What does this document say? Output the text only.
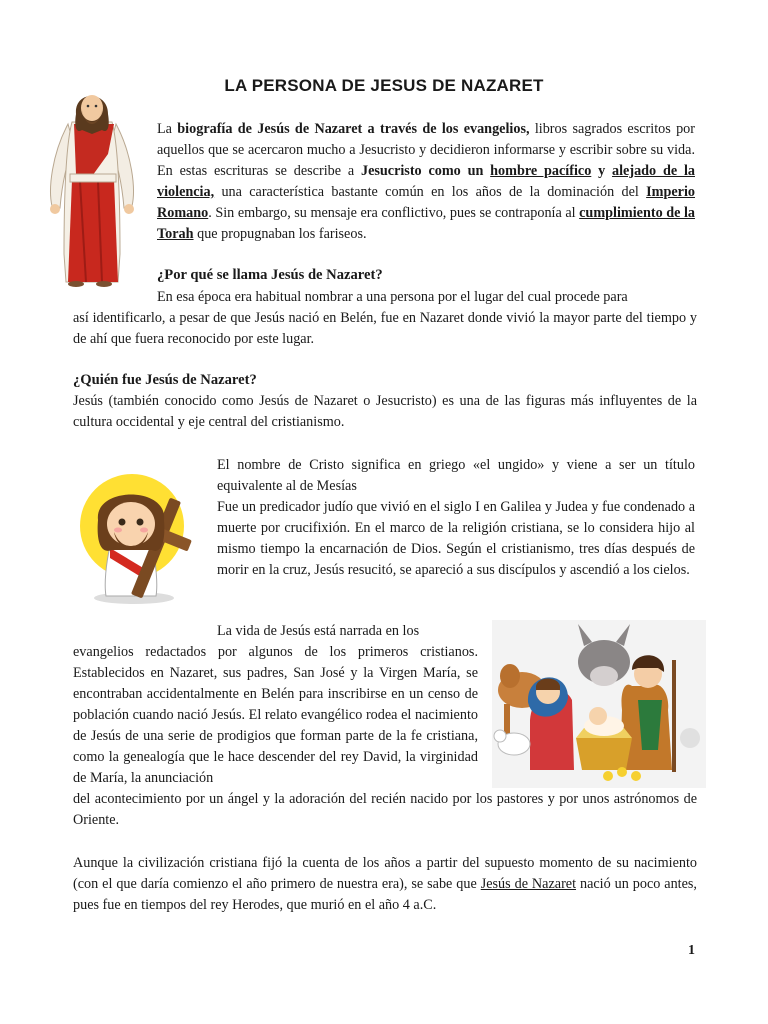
LA PERSONA DE JESUS DE NAZARET

La biografía de Jesús de Nazaret a través de los evangelios, libros sagrados escritos por aquellos que se acercaron mucho a Jesucristo y decidieron informarse y escribir sobre su vida. En estas escrituras se describe a Jesucristo como un hombre pacífico y alejado de la violencia, una característica bastante común en los años de la dominación del Imperio Romano. Sin embargo, su mensaje era conflictivo, pues se contraponía al cumplimiento de la Torah que propugnaban los fariseos.

¿Por qué se llama Jesús de Nazaret?

En esa época era habitual nombrar a una persona por el lugar del cual procede para

así identificarlo, a pesar de que Jesús nació en Belén, fue en Nazaret donde vivió la mayor parte del tiempo y de ahí que fuera reconocido por este lugar.

¿Quién fue Jesús de Nazaret?

Jesús (también conocido como Jesús de Nazaret o Jesucristo) es una de las figuras más influyentes de la cultura occidental y eje central del cristianismo.

El nombre de Cristo significa en griego «el ungido» y viene a ser un título equivalente al de Mesías

Fue un predicador judío que vivió en el siglo I en Galilea y Judea y fue condenado a muerte por crucifixión. En el marco de la religión cristiana, se lo considera hijo al mismo tiempo la encarnación de Dios. Según el cristianismo, tres días después de morir en la cruz, Jesús resucitó, se apareció a sus discípulos y ascendió a los cielos.

La vida de Jesús está narrada en los

evangelios redactados por algunos de los primeros cristianos. Establecidos en Nazaret, sus padres, San José y la Virgen María, se encontraban accidentalmente en Belén para inscribirse en un censo de población cuando nació Jesús. El relato evangélico rodea el nacimiento de Jesús de una serie de prodigios que forman parte de la fe cristiana, como la genealogía que le hace descender del rey David, la virginidad de María, la anunciación

del acontecimiento por un ángel y la adoración del recién nacido por los pastores y por unos astrónomos de Oriente.

Aunque la civilización cristiana fijó la cuenta de los años a partir del supuesto momento de su nacimiento (con el que daría comienzo el año primero de nuestra era), se sabe que Jesús de Nazaret nació un poco antes, pues fue en tiempos del rey Herodes, que murió en el año 4 a.C.

1
